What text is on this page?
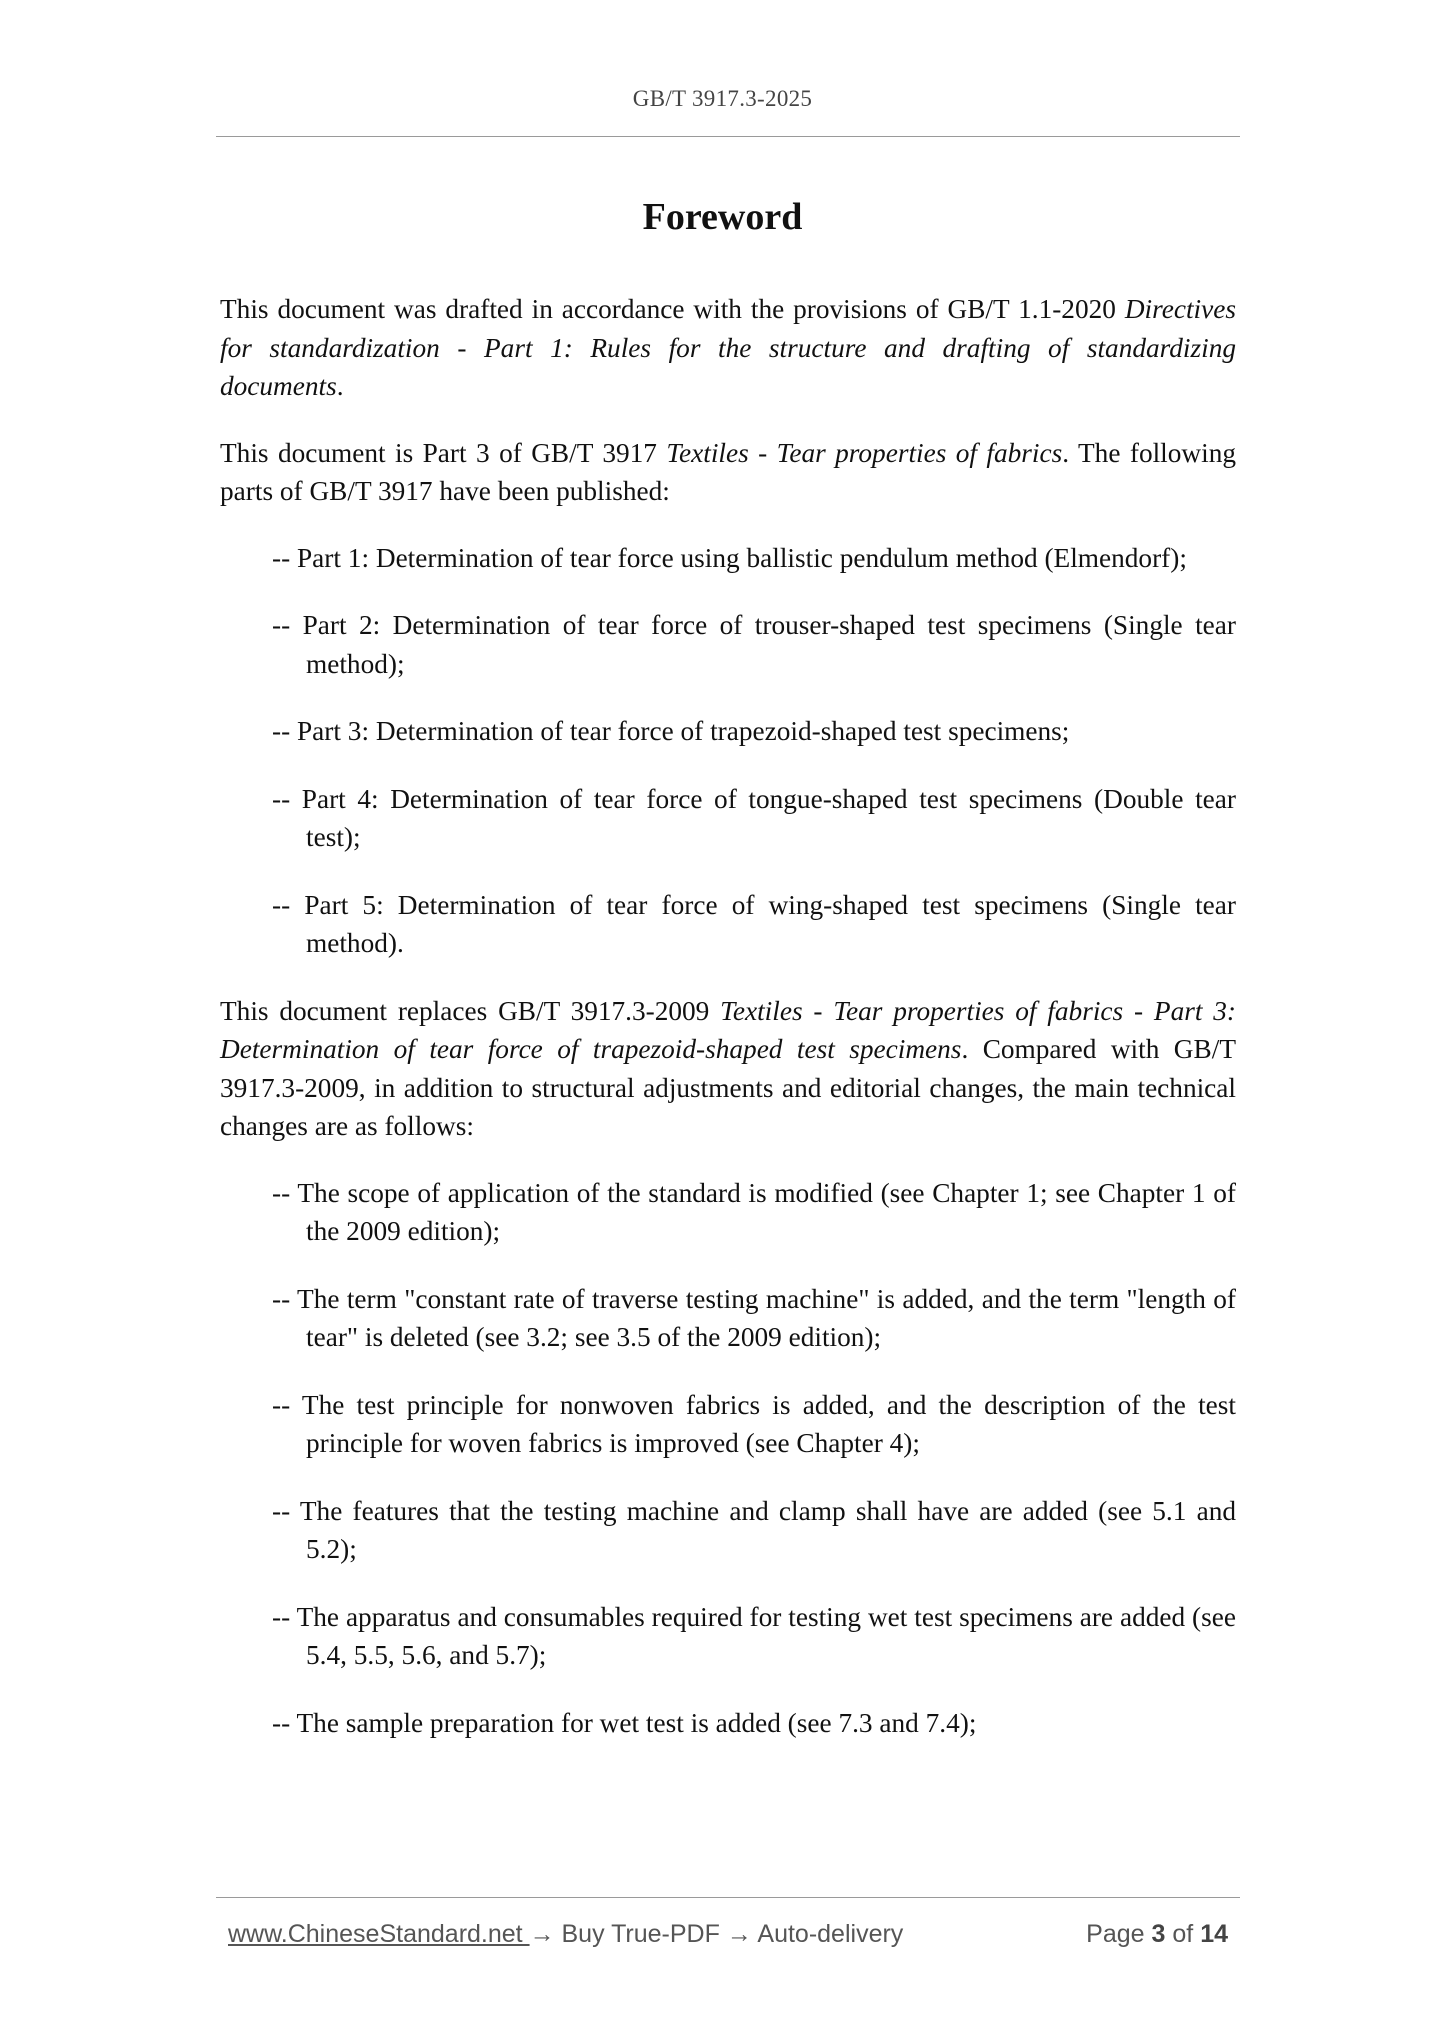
GB/T 3917.3-2025
Foreword

This document was drafted in accordance with the provisions of GB/T 1.1-2020 Directives for standardization - Part 1: Rules for the structure and drafting of standardizing documents.

This document is Part 3 of GB/T 3917 Textiles - Tear properties of fabrics. The following parts of GB/T 3917 have been published:

-- Part 1: Determination of tear force using ballistic pendulum method (Elmendorf);

-- Part 2: Determination of tear force of trouser-shaped test specimens (Single tear method);

-- Part 3: Determination of tear force of trapezoid-shaped test specimens;

-- Part 4: Determination of tear force of tongue-shaped test specimens (Double tear test);

-- Part 5: Determination of tear force of wing-shaped test specimens (Single tear method).

This document replaces GB/T 3917.3-2009 Textiles - Tear properties of fabrics - Part 3: Determination of tear force of trapezoid-shaped test specimens. Compared with GB/T 3917.3-2009, in addition to structural adjustments and editorial changes, the main technical changes are as follows:

-- The scope of application of the standard is modified (see Chapter 1; see Chapter 1 of the 2009 edition);

-- The term "constant rate of traverse testing machine" is added, and the term "length of tear" is deleted (see 3.2; see 3.5 of the 2009 edition);

-- The test principle for nonwoven fabrics is added, and the description of the test principle for woven fabrics is improved (see Chapter 4);

-- The features that the testing machine and clamp shall have are added (see 5.1 and 5.2);

-- The apparatus and consumables required for testing wet test specimens are added (see 5.4, 5.5, 5.6, and 5.7);

-- The sample preparation for wet test is added (see 7.3 and 7.4);

www.ChineseStandard.net → Buy True-PDF → Auto-delivery	Page 3 of 14
